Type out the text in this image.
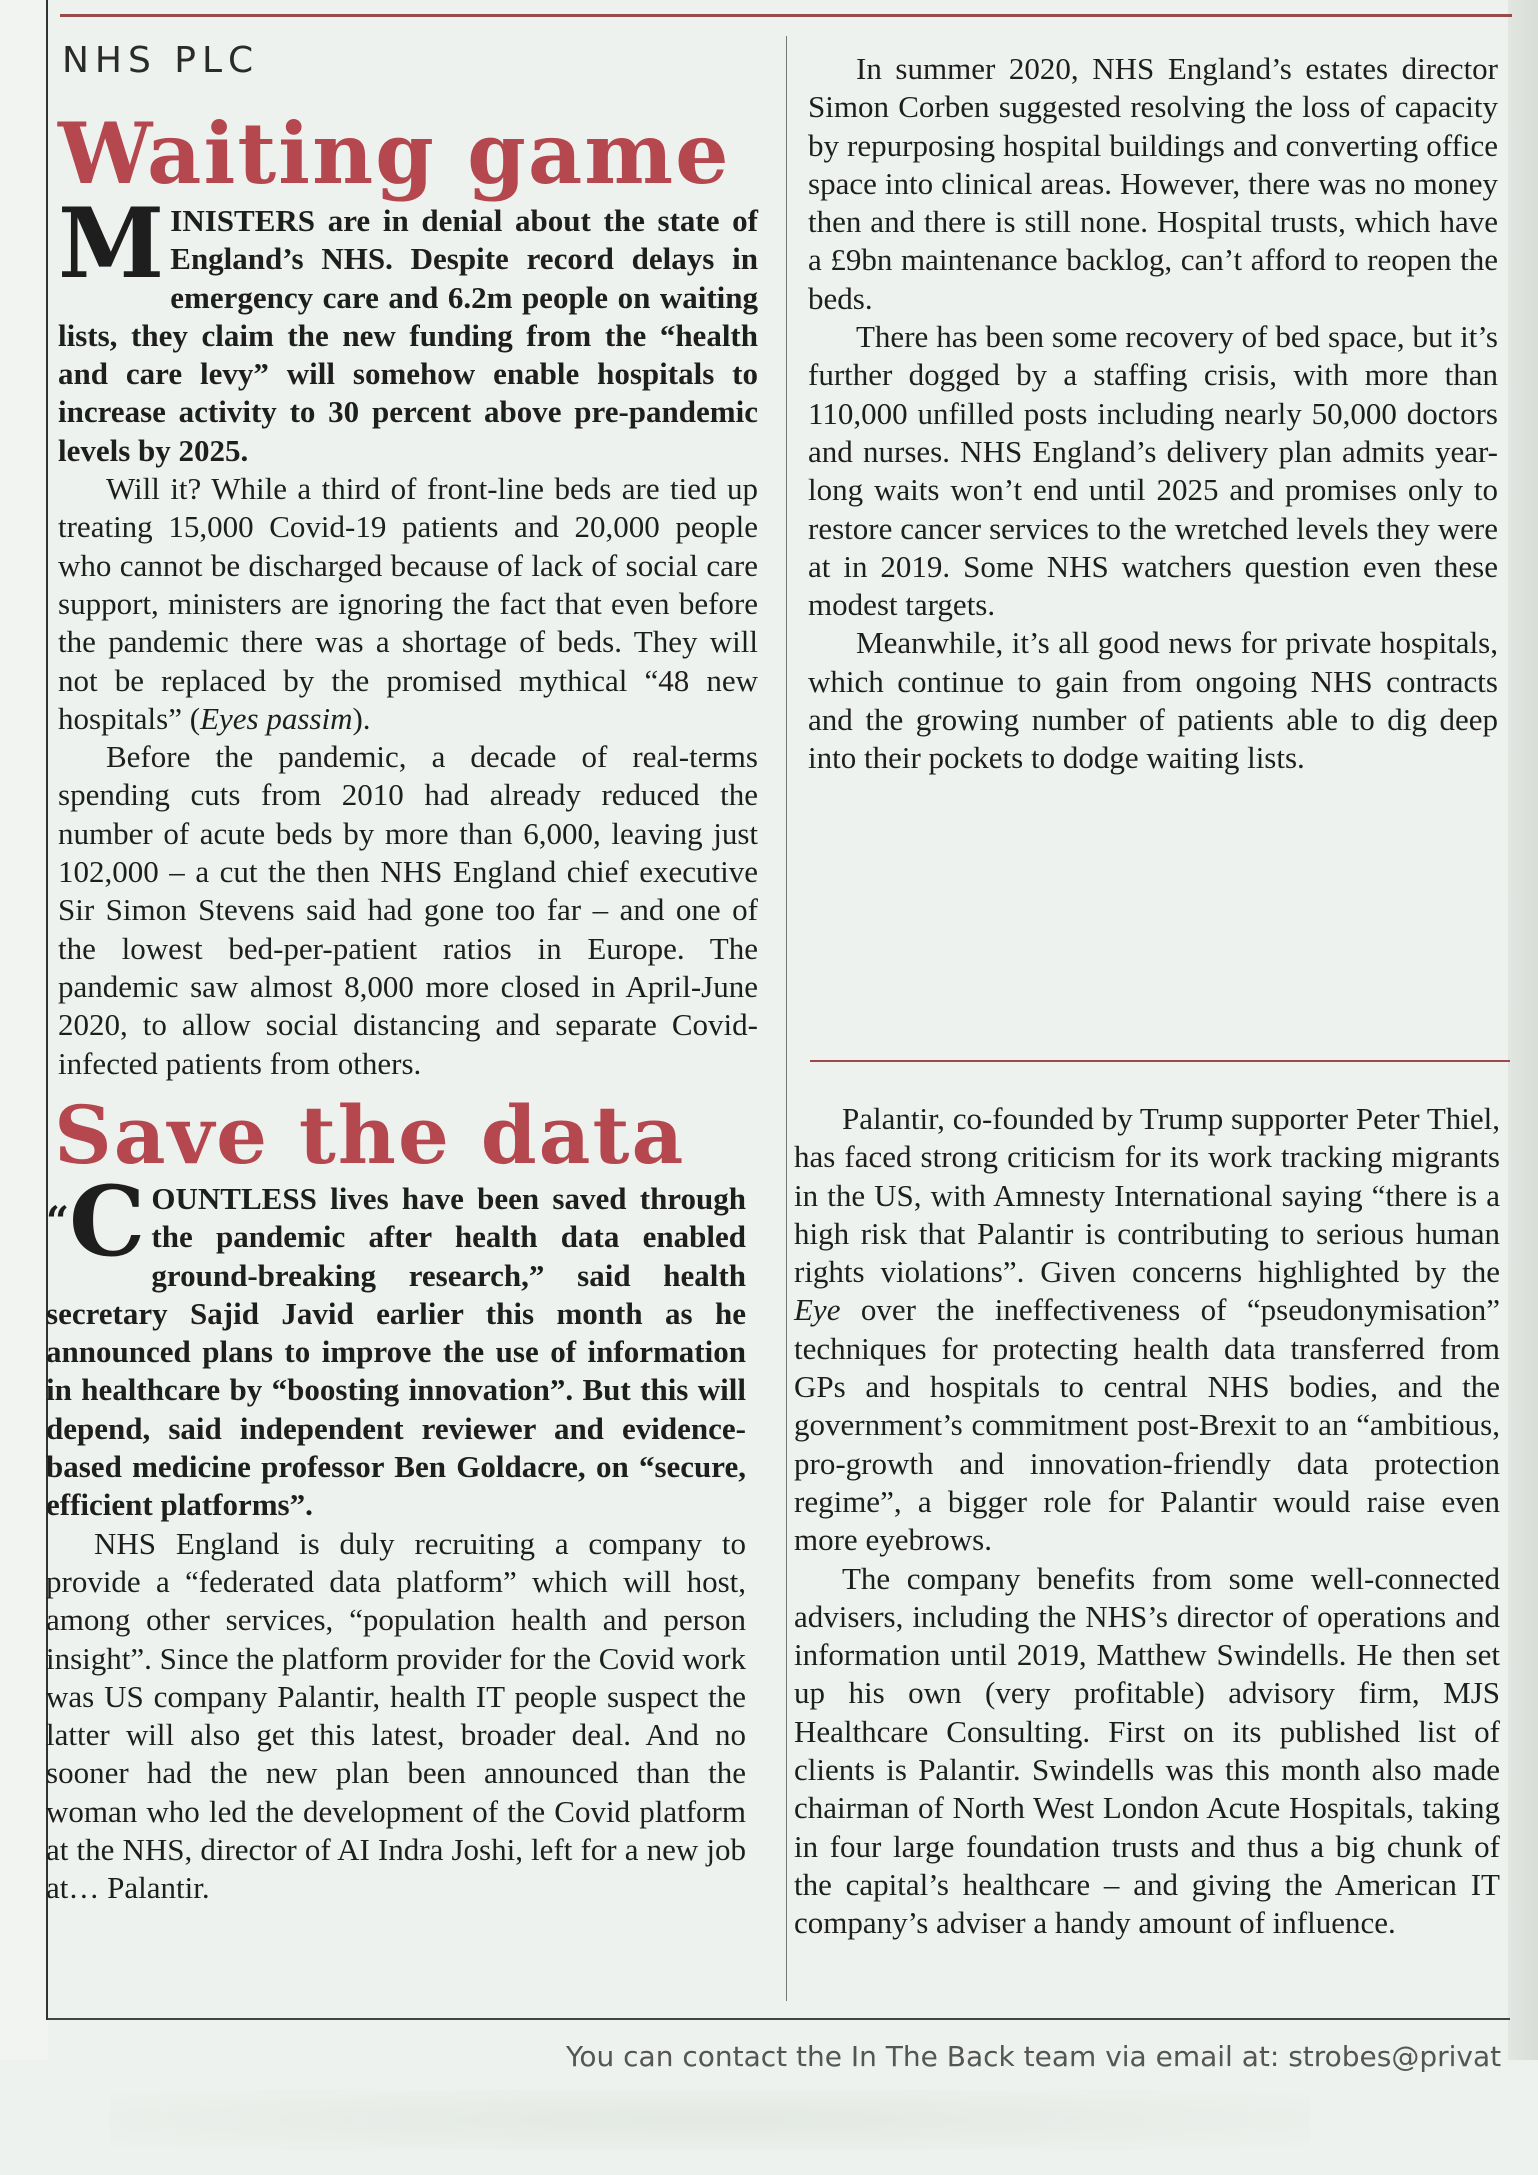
NHS PLC
Waiting game

MINISTERS are in denial about the state of England’s NHS. Despite record delays in emergency care and 6.2m people on waiting lists, they claim the new funding from the “health and care levy” will somehow enable hospitals to increase activity to 30 percent above pre-pandemic levels by 2025.

Will it? While a third of front-line beds are tied up treating 15,000 Covid-19 patients and 20,000 people who cannot be discharged because of lack of social care support, ministers are ignoring the fact that even before the pandemic there was a shortage of beds. They will not be replaced by the promised mythical “48 new hospitals” (Eyes passim).

Before the pandemic, a decade of real-terms spending cuts from 2010 had already reduced the number of acute beds by more than 6,000, leaving just 102,000 – a cut the then NHS England chief executive Sir Simon Stevens said had gone too far – and one of the lowest bed-per-patient ratios in Europe. The pandemic saw almost 8,000 more closed in April-June 2020, to allow social distancing and separate Covid-infected patients from others.

In summer 2020, NHS England’s estates director Simon Corben suggested resolving the loss of capacity by repurposing hospital buildings and converting office space into clinical areas. However, there was no money then and there is still none. Hospital trusts, which have a £9bn maintenance backlog, can’t afford to reopen the beds.

There has been some recovery of bed space, but it’s further dogged by a staffing crisis, with more than 110,000 unfilled posts including nearly 50,000 doctors and nurses. NHS England’s delivery plan admits year-long waits won’t end until 2025 and promises only to restore cancer services to the wretched levels they were at in 2019. Some NHS watchers question even these modest targets.

Meanwhile, it’s all good news for private hospitals, which continue to gain from ongoing NHS contracts and the growing number of patients able to dig deep into their pockets to dodge waiting lists.

Save the data

“C OUNTLESS lives have been saved through the pandemic after health data enabled ground-breaking research,” said health secretary Sajid Javid earlier this month as he announced plans to improve the use of information in healthcare by “boosting innovation”. But this will depend, said independent reviewer and evidence-based medicine professor Ben Goldacre, on “secure, efficient platforms”.

NHS England is duly recruiting a company to provide a “federated data platform” which will host, among other services, “population health and person insight”. Since the platform provider for the Covid work was US company Palantir, health IT people suspect the latter will also get this latest, broader deal. And no sooner had the new plan been announced than the woman who led the development of the Covid platform at the NHS, director of AI Indra Joshi, left for a new job at… Palantir.

Palantir, co-founded by Trump supporter Peter Thiel, has faced strong criticism for its work tracking migrants in the US, with Amnesty International saying “there is a high risk that Palantir is contributing to serious human rights violations”. Given concerns highlighted by the Eye over the ineffectiveness of “pseudonymisation” techniques for protecting health data transferred from GPs and hospitals to central NHS bodies, and the government’s commitment post-Brexit to an “ambitious, pro-growth and innovation-friendly data protection regime”, a bigger role for Palantir would raise even more eyebrows.

The company benefits from some well-connected advisers, including the NHS’s director of operations and information until 2019, Matthew Swindells. He then set up his own (very profitable) advisory firm, MJS Healthcare Consulting. First on its published list of clients is Palantir. Swindells was this month also made chairman of North West London Acute Hospitals, taking in four large foundation trusts and thus a big chunk of the capital’s healthcare – and giving the American IT company’s adviser a handy amount of influence.

You can contact the In The Back team via email at: strobes@privat
